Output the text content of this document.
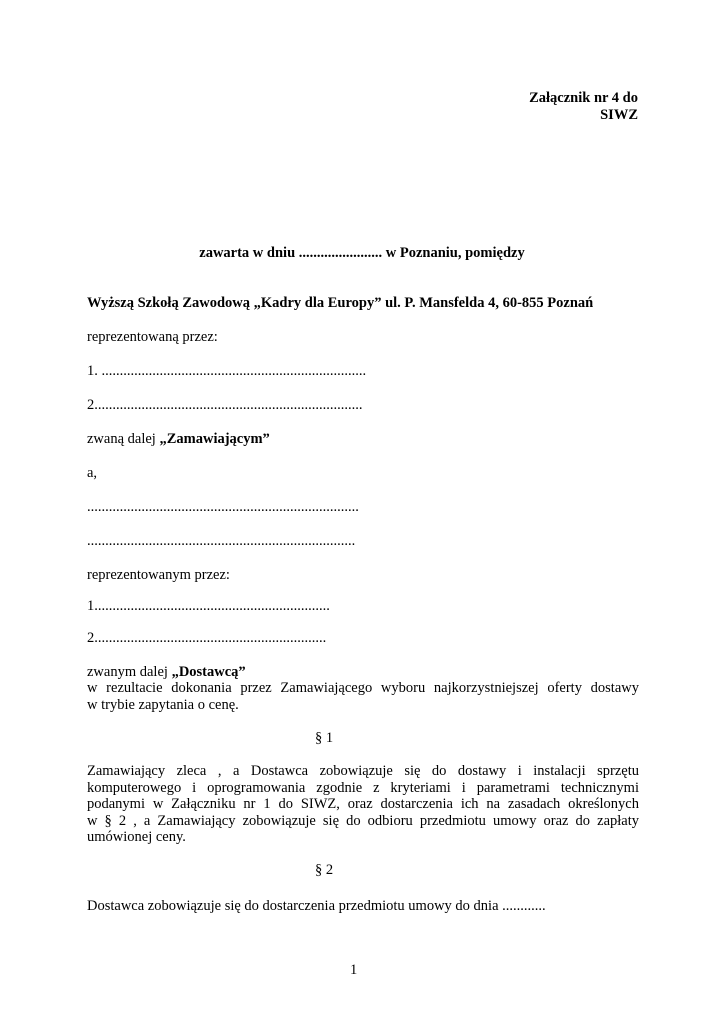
Załącznik nr 4 do
SIWZ
zawarta w dniu ....................... w Poznaniu, pomiędzy
Wyższą Szkołą Zawodową „Kadry dla Europy” ul. P. Mansfelda 4, 60-855 Poznań
reprezentowaną przez:
1. .........................................................................
2..........................................................................
zwaną dalej „Zamawiającym”
a,
...........................................................................
..........................................................................
reprezentowanym przez:
1.................................................................
2................................................................
zwanym dalej „Dostawcą”
w rezultacie dokonania przez Zamawiającego wyboru najkorzystniejszej oferty dostawy
w trybie zapytania o cenę.
§ 1
Zamawiający zleca , a Dostawca zobowiązuje się do dostawy i instalacji sprzętu
komputerowego i oprogramowania zgodnie z kryteriami i parametrami technicznymi
podanymi w Załączniku nr 1 do SIWZ, oraz dostarczenia ich na zasadach określonych
w § 2 , a Zamawiający zobowiązuje się do odbioru przedmiotu umowy oraz do zapłaty
umówionej ceny.
§ 2
Dostawca zobowiązuje się do dostarczenia przedmiotu umowy do dnia ............
1
